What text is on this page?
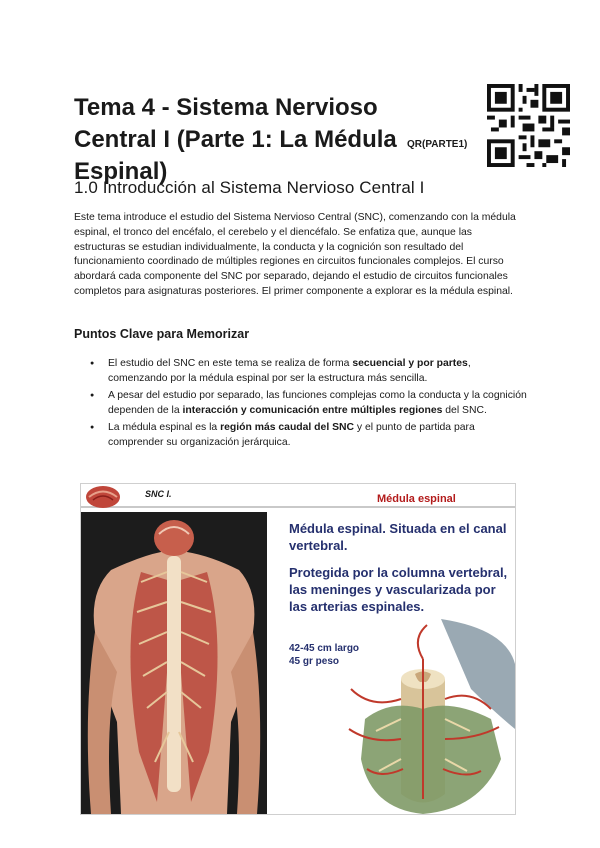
Tema 4 - Sistema Nervioso Central I (Parte 1: La Médula Espinal)
QR(PARTE1)
1.0 Introducción al Sistema Nervioso Central I

Este tema introduce el estudio del Sistema Nervioso Central (SNC), comenzando con la médula espinal, el tronco del encéfalo, el cerebelo y el diencéfalo. Se enfatiza que, aunque las estructuras se estudian individualmente, la conducta y la cognición son resultado del funcionamiento coordinado de múltiples regiones en circuitos funcionales complejos. El curso abordará cada componente del SNC por separado, dejando el estudio de circuitos funcionales completos para asignaturas posteriores. El primer componente a explorar es la médula espinal.

Puntos Clave para Memorizar
● El estudio del SNC en este tema se realiza de forma secuencial y por partes, comenzando por la médula espinal por ser la estructura más sencilla.
● A pesar del estudio por separado, las funciones complejas como la conducta y la cognición dependen de la interacción y comunicación entre múltiples regiones del SNC.
● La médula espinal es la región más caudal del SNC y el punto de partida para comprender su organización jerárquica.
SNC I.	Médula espinal
Médula espinal. Situada en el canal vertebral.
Protegida por la columna vertebral, las meninges y vascularizada por las arterias espinales.
42-45 cm largo
45 gr peso
